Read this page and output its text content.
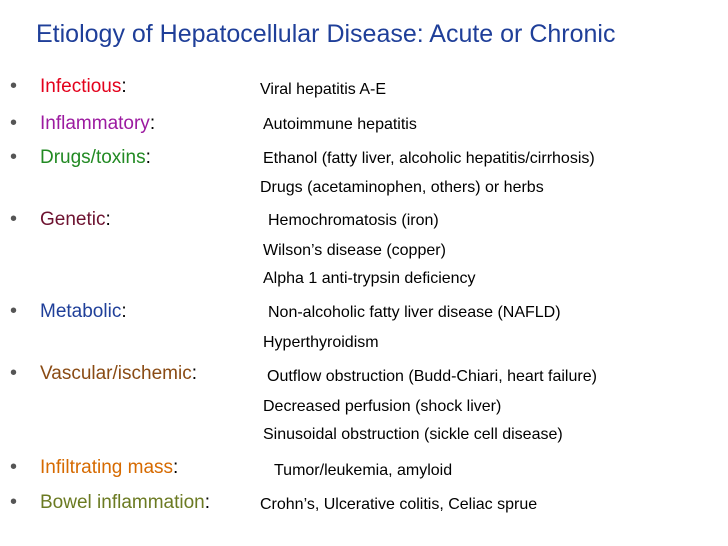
Etiology of Hepatocellular Disease: Acute or Chronic
• Infectious:	Viral hepatitis A-E
• Inflammatory:	Autoimmune hepatitis
• Drugs/toxins:	Ethanol (fatty liver, alcoholic hepatitis/cirrhosis)
Drugs (acetaminophen, others) or herbs
• Genetic:	Hemochromatosis (iron)
Wilson’s disease (copper)
Alpha 1 anti-trypsin deficiency
• Metabolic:	Non-alcoholic fatty liver disease (NAFLD)
Hyperthyroidism
• Vascular/ischemic:	Outflow obstruction (Budd-Chiari, heart failure)
Decreased perfusion (shock liver)
Sinusoidal obstruction (sickle cell disease)
• Infiltrating mass:	Tumor/leukemia, amyloid
• Bowel inflammation:	Crohn’s, Ulcerative colitis, Celiac sprue
